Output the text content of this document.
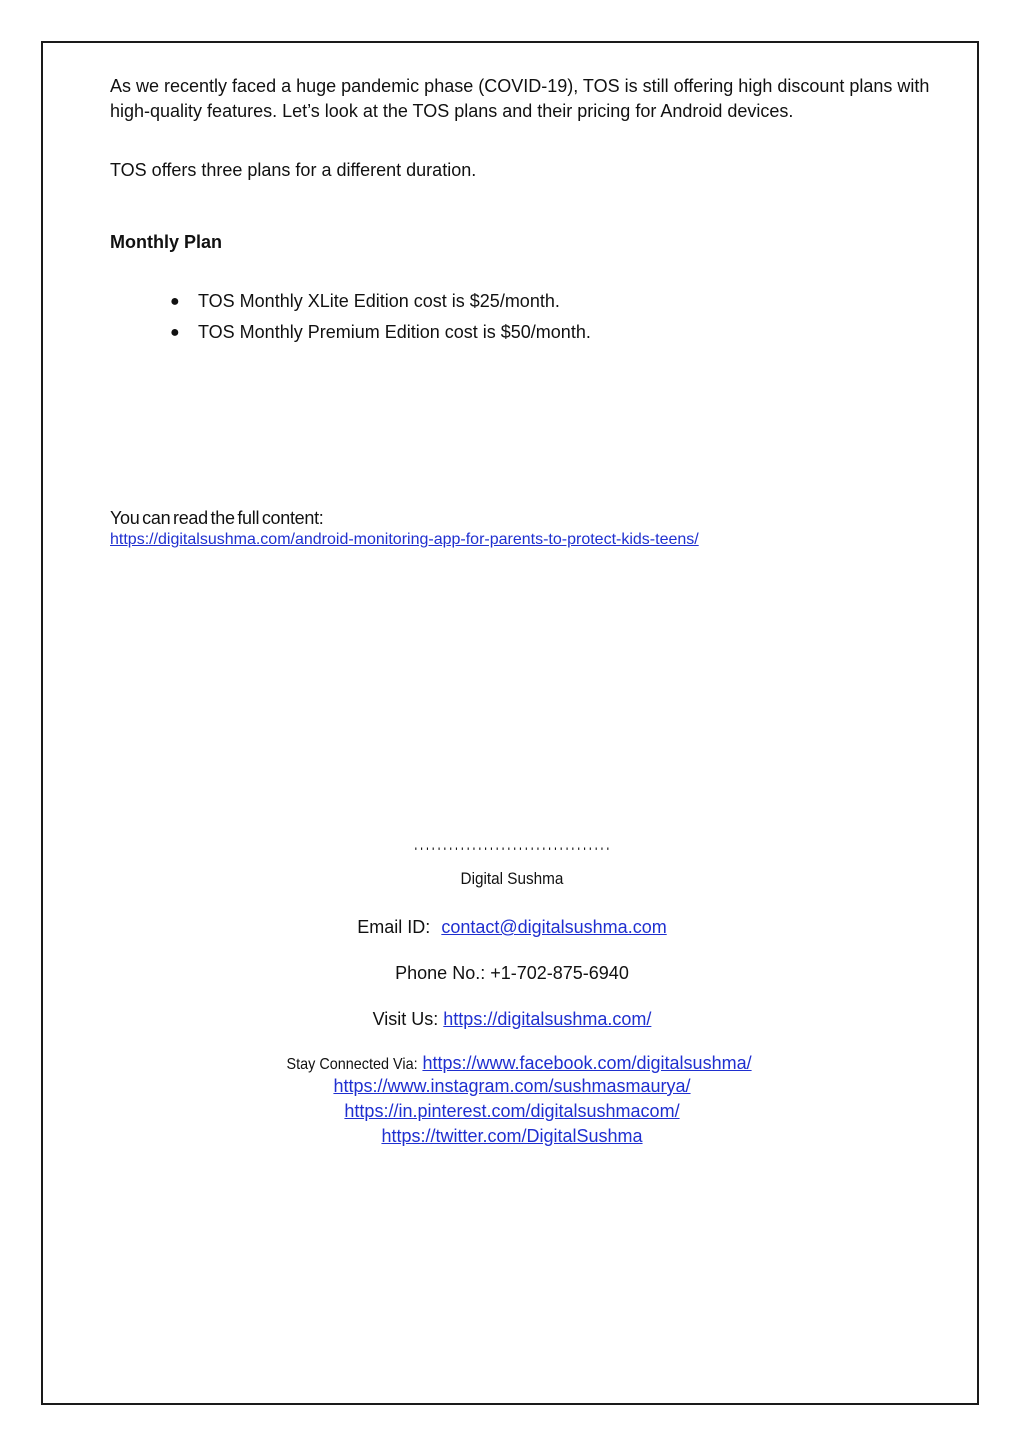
As we recently faced a huge pandemic phase (COVID-19), TOS is still offering high discount plans with high-quality features. Let’s look at the TOS plans and their pricing for Android devices.

TOS offers three plans for a different duration.

Monthly Plan

● TOS Monthly XLite Edition cost is $25/month.
● TOS Monthly Premium Edition cost is $50/month.
You can read the full content:
https://digitalsushma.com/android-monitoring-app-for-parents-to-protect-kids-teens/
''''''''''''''''''''''''''''''''''
Digital Sushma
Email ID: contact@digitalsushma.com
Phone No.: +1-702-875-6940
Visit Us: https://digitalsushma.com/
Stay Connected Via: https://www.facebook.com/digitalsushma/
https://www.instagram.com/sushmasmaurya/
https://in.pinterest.com/digitalsushmacom/
https://twitter.com/DigitalSushma
